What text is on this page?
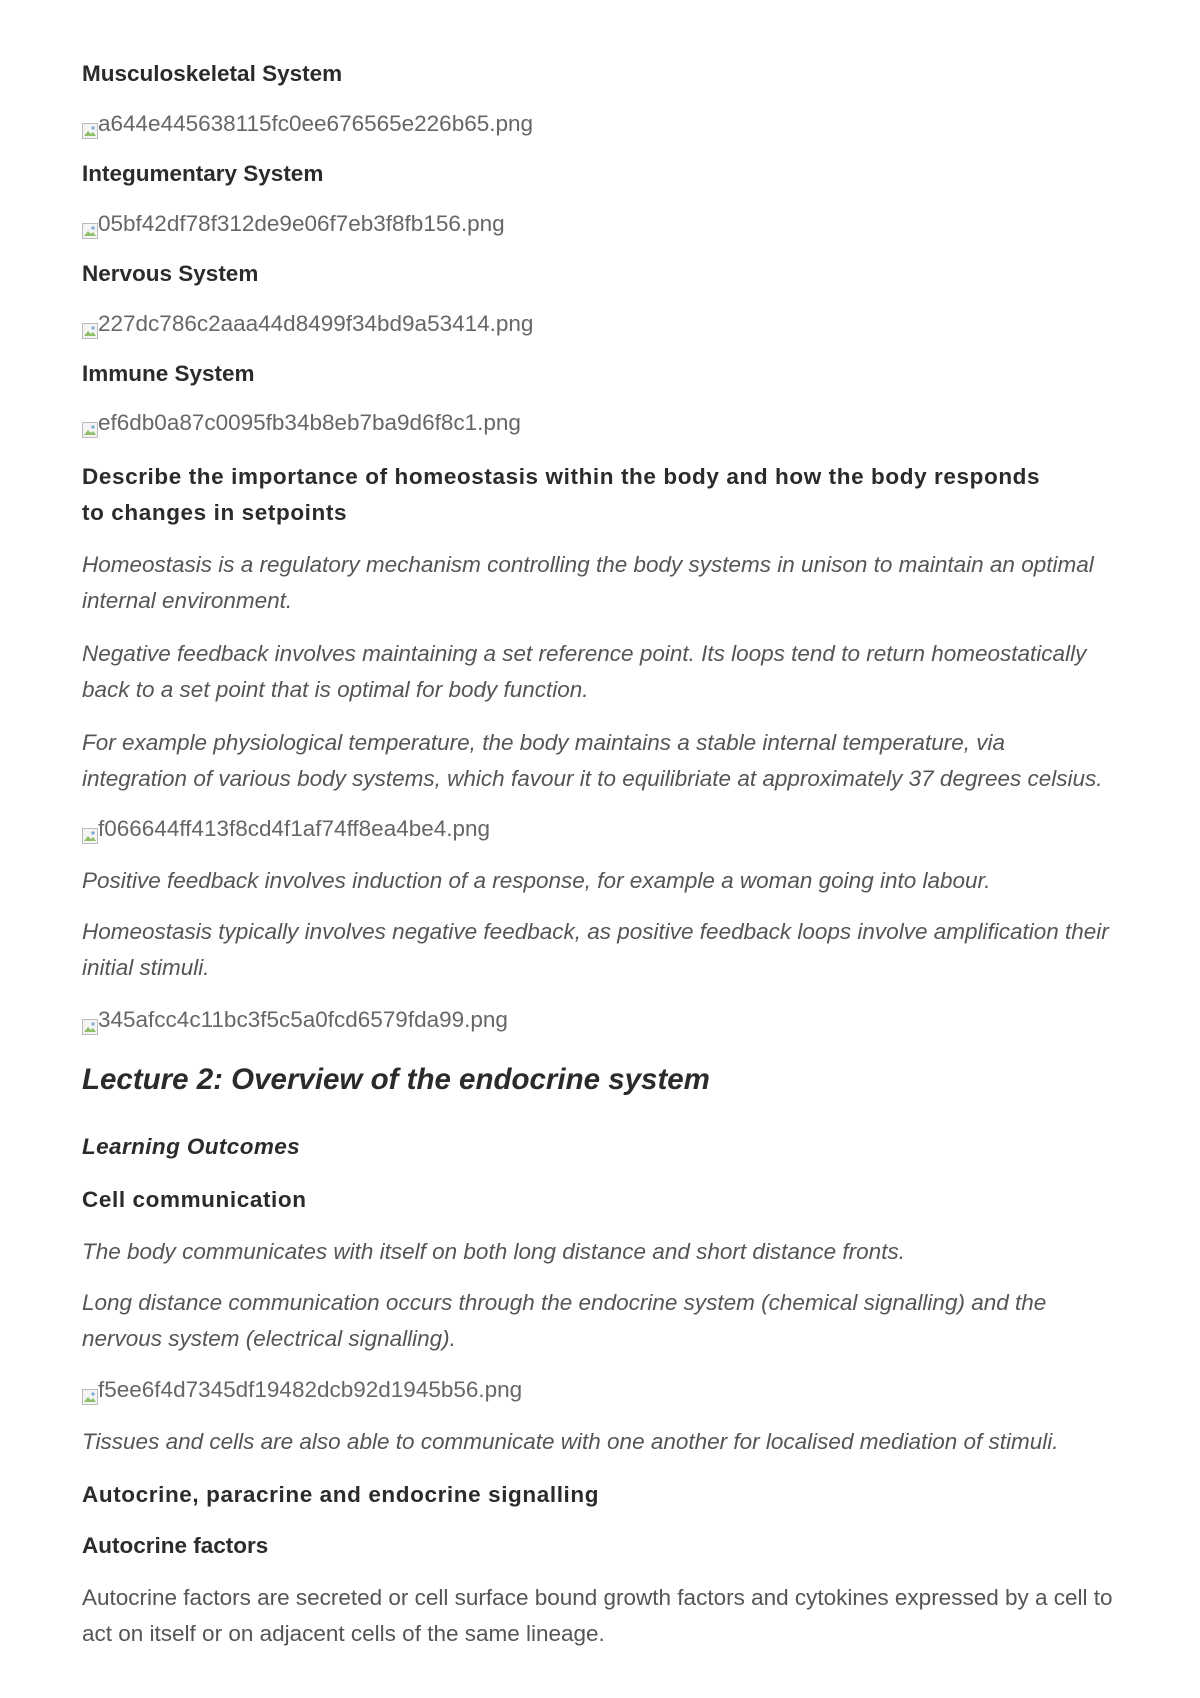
Musculoskeletal System
a644e445638115fc0ee676565e226b65.png
Integumentary System
05bf42df78f312de9e06f7eb3f8fb156.png
Nervous System
227dc786c2aaa44d8499f34bd9a53414.png
Immune System
ef6db0a87c0095fb34b8eb7ba9d6f8c1.png
Describe the importance of homeostasis within the body and how the body responds
to changes in setpoints
Homeostasis is a regulatory mechanism controlling the body systems in unison to maintain an optimal
internal environment.
Negative feedback involves maintaining a set reference point. Its loops tend to return homeostatically
back to a set point that is optimal for body function.
For example physiological temperature, the body maintains a stable internal temperature, via
integration of various body systems, which favour it to equilibriate at approximately 37 degrees celsius.
f066644ff413f8cd4f1af74ff8ea4be4.png
Positive feedback involves induction of a response, for example a woman going into labour.
Homeostasis typically involves negative feedback, as positive feedback loops involve amplification their
initial stimuli.
345afcc4c11bc3f5c5a0fcd6579fda99.png
Lecture 2: Overview of the endocrine system
Learning Outcomes
Cell communication
The body communicates with itself on both long distance and short distance fronts.
Long distance communication occurs through the endocrine system (chemical signalling) and the
nervous system (electrical signalling).
f5ee6f4d7345df19482dcb92d1945b56.png
Tissues and cells are also able to communicate with one another for localised mediation of stimuli.
Autocrine, paracrine and endocrine signalling
Autocrine factors
Autocrine factors are secreted or cell surface bound growth factors and cytokines expressed by a cell to
act on itself or on adjacent cells of the same lineage.
